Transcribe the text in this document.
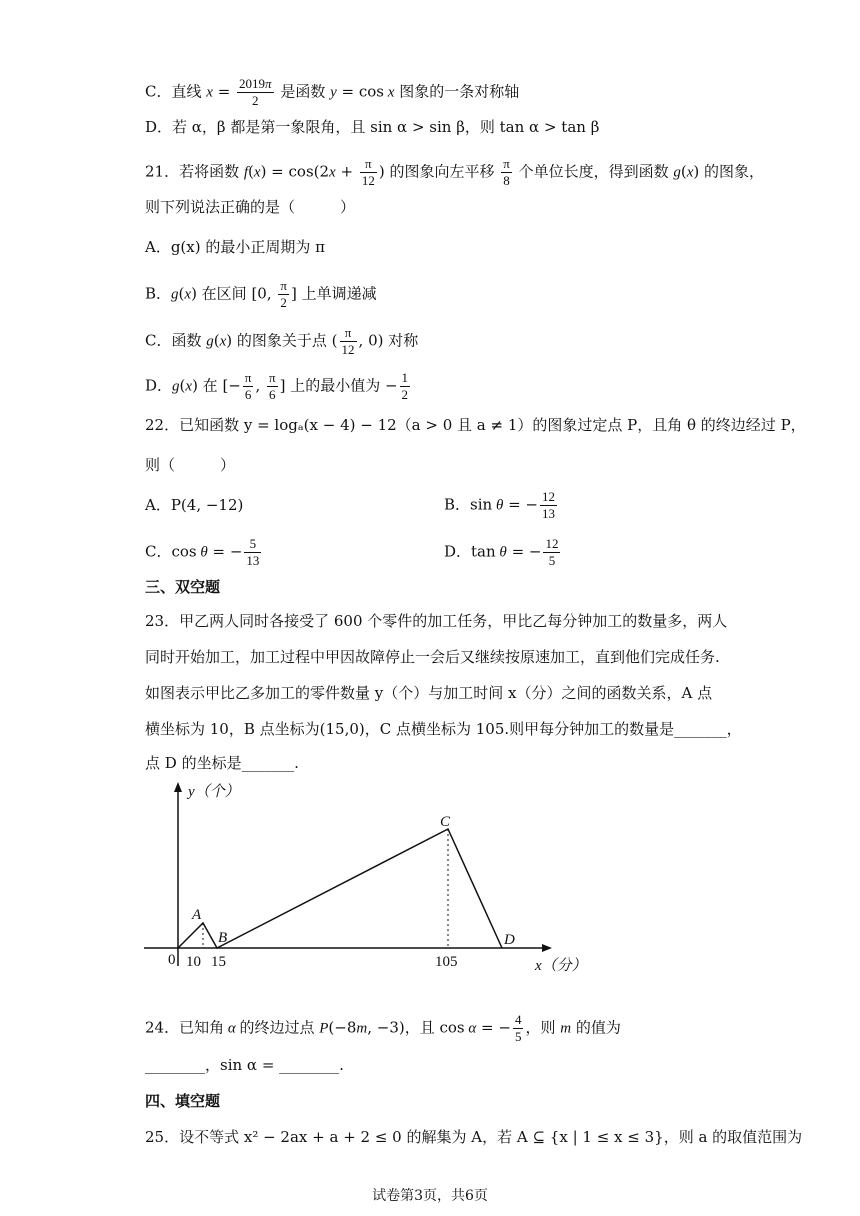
C．直线 $x = \frac{2019\pi}{2}$ 是函数 y = cos x 图象的一条对称轴
D．若 α，β 都是第一象限角，且 sin α > sin β，则 tan α > tan β
21．若将函数 $f(x) = \cos(2x + \frac{\pi}{12}$ ) 的图象向左平移 $\frac{\pi}{8}$ 个单位长度，得到函数 g(x) 的图象，
则下列说法正确的是（　　　）
A．g(x) 的最小正周期为 π
B．g(x) 在区间 [0, $\frac{\pi}{2}$ ] 上单调递减
C．函数 g(x) 的图象关于点 ( $\frac{\pi}{12}$ , 0) 对称
D．g(x) 在 [− $\frac{\pi}{6}$ , $\frac{\pi}{6}$ ] 上的最小值为 − $\frac{1}{2}$
22．已知函数 y = logₐ(x − 4) − 12（a > 0 且 a ≠ 1）的图象过定点 P，且角 θ 的终边经过 P，
则（　　　）
A．P(4, −12)	B．sin θ = − $\frac{12}{13}$
C．cos θ = − $\frac{5}{13}$	D．tan θ = − $\frac{12}{5}$
三、双空题
23．甲乙两人同时各接受了 600 个零件的加工任务，甲比乙每分钟加工的数量多，两人
同时开始加工，加工过程中甲因故障停止一会后又继续按原速加工，直到他们完成任务.
如图表示甲比乙多加工的零件数量 y（个）与加工时间 x（分）之间的函数关系，A 点
横坐标为 10，B 点坐标为(15,0)，C 点横坐标为 105.则甲每分钟加工的数量是_______，
点 D 的坐标是_______.
y（个）
x（分）
0 10 15	105
A
B
C
D
24．已知角 α 的终边过点 P(−8m, −3)，且 cos α = − $\frac{4}{5}$ ，则 m 的值为
________，sin α = ________.
四、填空题
25．设不等式 x² − 2ax + a + 2 ≤ 0 的解集为 A，若 A ⊆ {x | 1 ≤ x ≤ 3}，则 a 的取值范围为
试卷第3页，共6页
